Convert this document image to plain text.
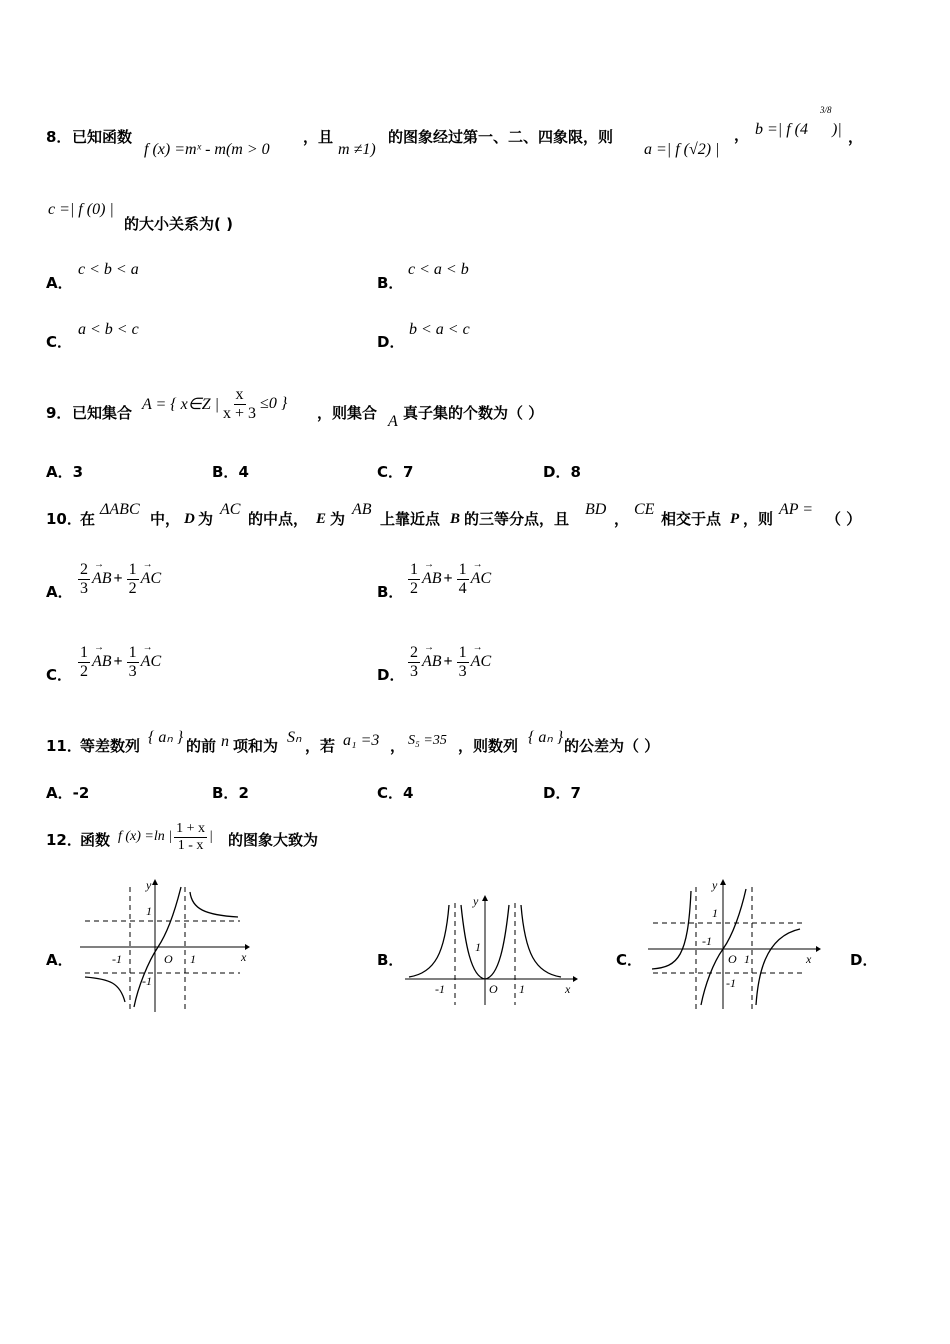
8． 已知函数
f (x) =mˣ - m(m > 0
，且
m ≠1)
的图象经过第一、二、四象限，则
a =| f (√2) |
， b =| f (4
3/8
)| ，
c =| f (0) |
的大小关系为( )
A．
c < b < a
B．
c < a < b
C．
a < b < c
D．
b < a < c
9． 已知集合 A = { x∈Z | $\frac{x}{x + 3} \le 0$ }
，则集合 A 真子集的个数为（ ）
A．3	B．4	C．7	D．8
10．
在
ΔABC
中， D 为
AC
的中点， E 为
AB
上靠近点 B 的三等分点，且
BD
，
CE
相交于点 P ，则
AP =
（ ）
A．
2
3
→ AB + $\frac{1}{2}$ → AC
B．
1
2
→ AB + $\frac{1}{4}$ → AC
C．
1
2
→ AB + $\frac{1}{3}$ → AC
D．
2
3
→ AB + $\frac{1}{3}$ → AC
11．
等差数列 { aₙ } 的前 n 项和为 Sₙ ，若 a₁ =3 ， S₅ =35 ，则数列 { aₙ } 的公差为（ ）
A．-2	B．2	C．4	D．7
12．
函数 f (x) =ln |
1 + x
1 - x
| 的图象大致为
A．	B．	C．	D．
y
x
O 1
1
-1
-1
y
x
O 1
1
-1
y
x
O 1
1
-1
-1
